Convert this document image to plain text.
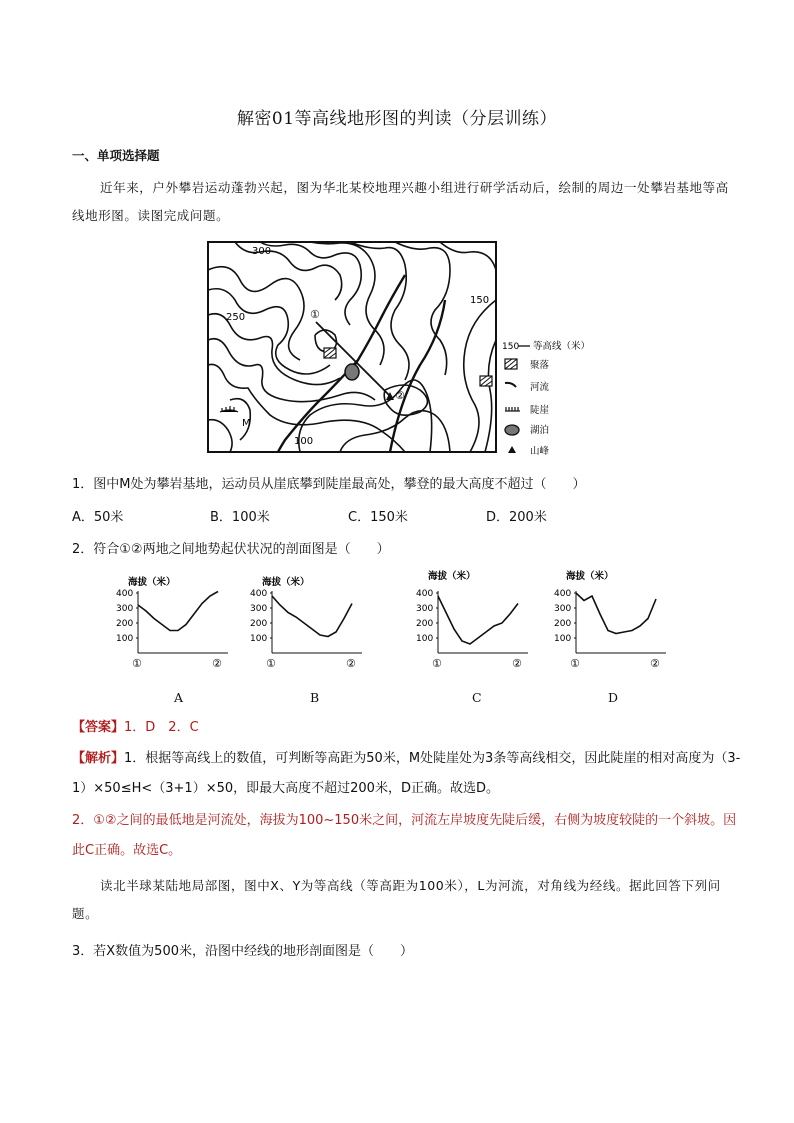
解密01等高线地形图的判读（分层训练）
一、单项选择题
近年来，户外攀岩运动蓬勃兴起，图为华北某校地理兴趣小组进行研学活动后，绘制的周边一处攀岩基地等高线地形图。读图完成问题。
300
250
150
100
M
①
②
150 等高线（米）
聚落
河流
陡崖
湖泊
山峰
1．图中M处为攀岩基地，运动员从崖底攀到陡崖最高处，攀登的最大高度不超过（　　）
A．50米	B．100米	C．150米	D．200米
2．符合①②两地之间地势起伏状况的剖面图是（　　）
海拔（米）
100
200
300
400
①	②
海拔（米）
100
200
300
400
①	②
海拔（米）
100
200
300
400
①	②
海拔（米）
100
200
300
400
①	②
A	B	C	D
【答案】1．D　2．C
【解析】1．根据等高线上的数值，可判断等高距为50米，M处陡崖处为3条等高线相交，因此陡崖的相对高度为（3-1）×50≤H<（3+1）×50，即最大高度不超过200米，D正确。故选D。
2．①②之间的最低地是河流处，海拔为100~150米之间，河流左岸坡度先陡后缓，右侧为坡度较陡的一个斜坡。因此C正确。故选C。
读北半球某陆地局部图，图中X、Y为等高线（等高距为100米），L为河流，对角线为经线。据此回答下列问题。
3．若X数值为500米，沿图中经线的地形剖面图是（　　）
